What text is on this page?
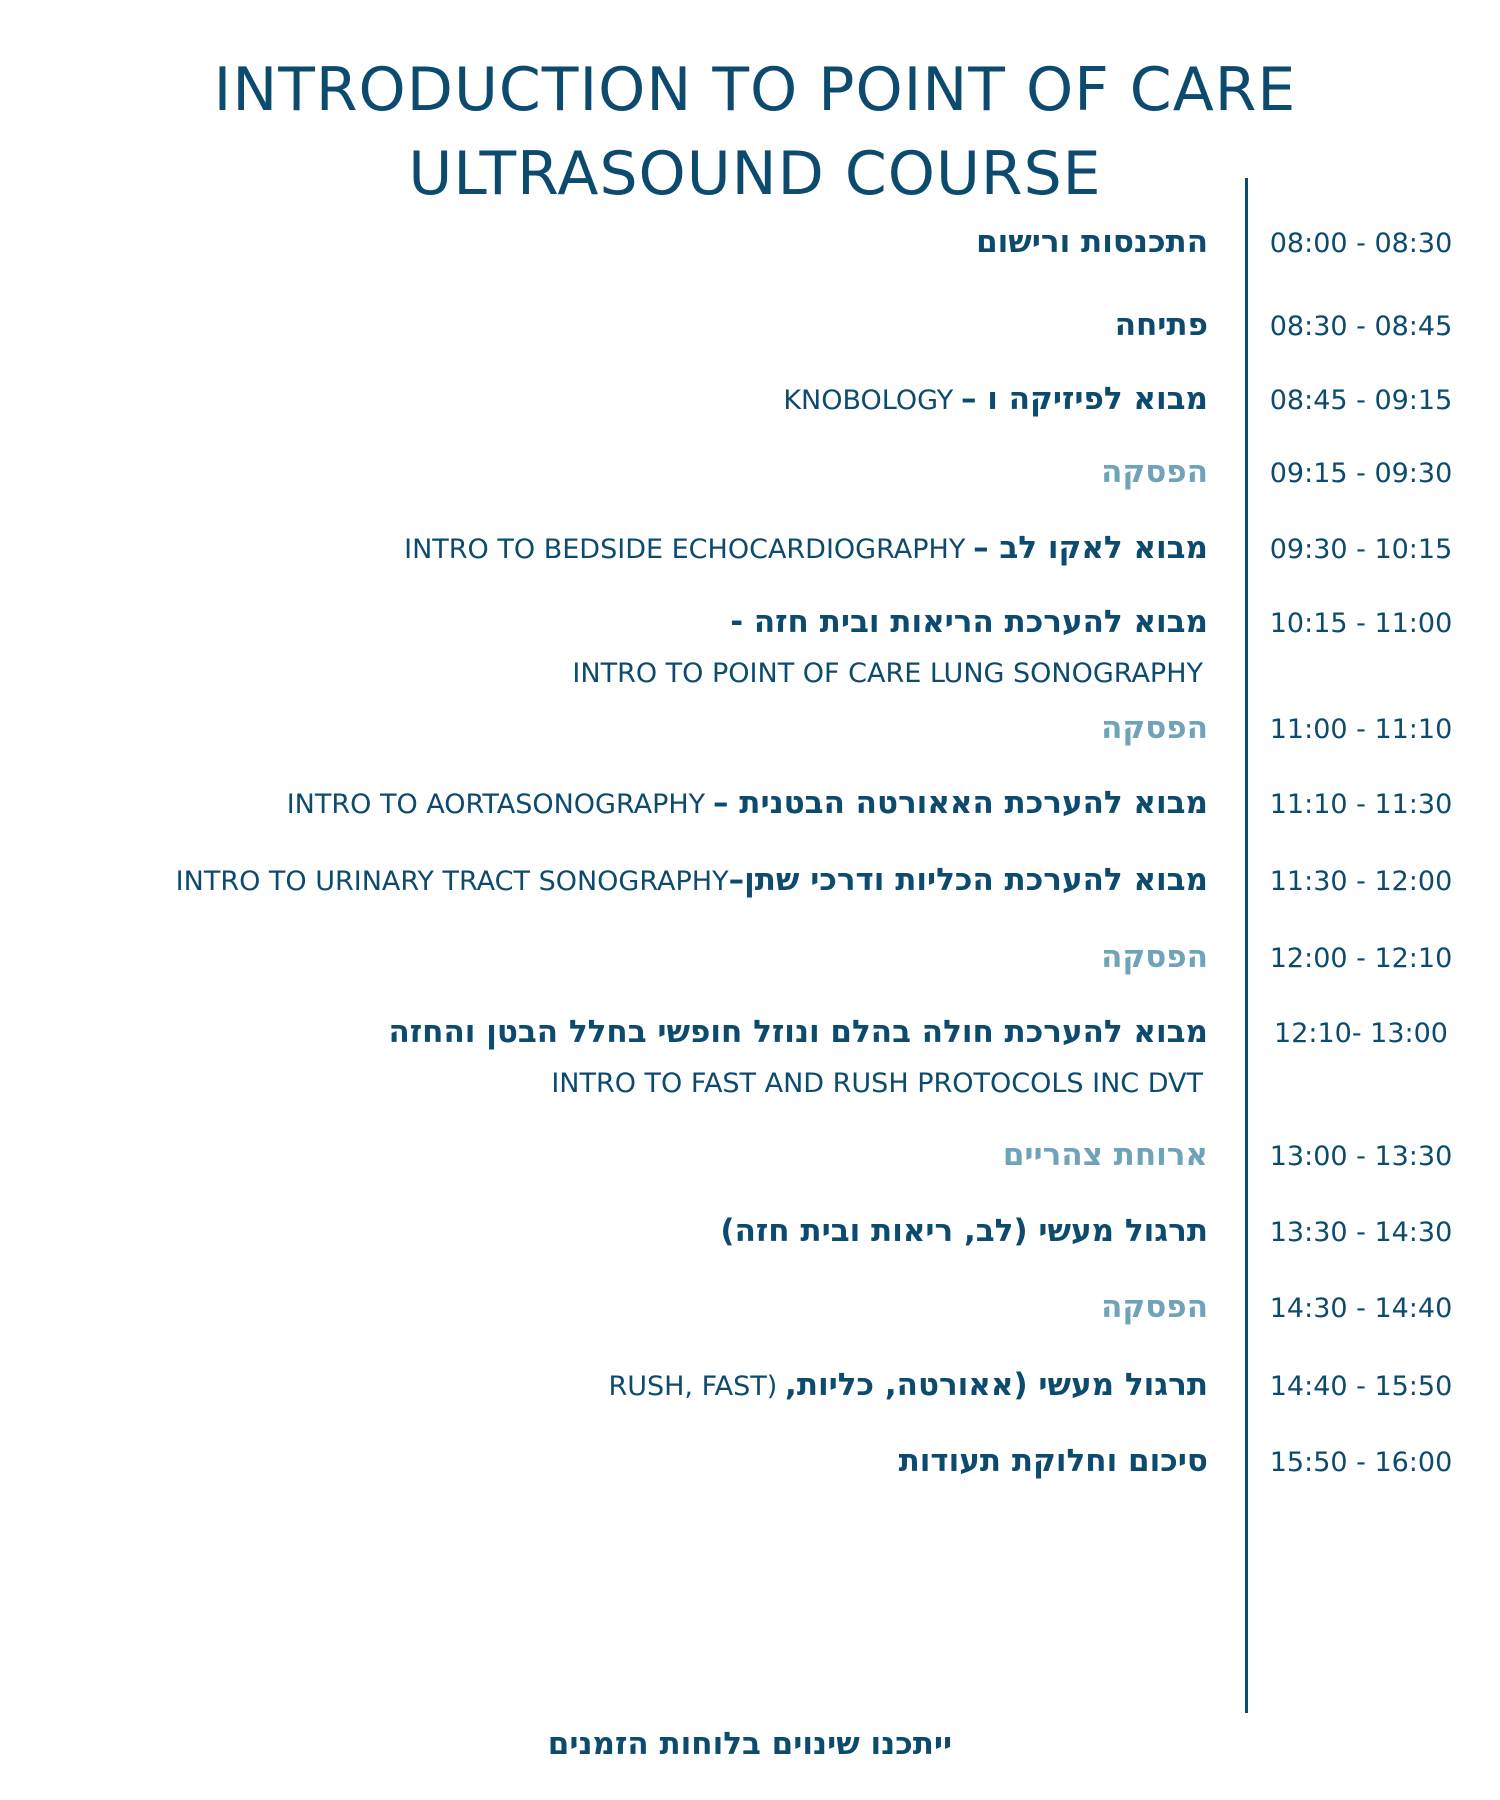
INTRODUCTION TO POINT OF CARE
ULTRASOUND COURSE
התכנסות ורישום	08:00 - 08:30
פתיחה	08:30 - 08:45
KNOBOLOGY מבוא לפיזיקה ו –	08:45 - 09:15
הפסקה	09:15 - 09:30
INTRO TO BEDSIDE ECHOCARDIOGRAPHY מבוא לאקו לב –	09:30 - 10:15
מבוא להערכת הריאות ובית חזה -
INTRO TO POINT OF CARE LUNG SONOGRAPHY
10:15 - 11:00
הפסקה	11:00 - 11:10
INTRO TO AORTASONOGRAPHY מבוא להערכת האאורטה הבטנית –	11:10 - 11:30
INTRO TO URINARY TRACT SONOGRAPHYמבוא להערכת הכליות ודרכי שתן–	11:30 - 12:00
הפסקה	12:00 - 12:10
מבוא להערכת חולה בהלם ונוזל חופשי בחלל הבטן והחזה
INTRO TO FAST AND RUSH PROTOCOLS INC DVT
12:10- 13:00
ארוחת צהריים	13:00 - 13:30
תרגול מעשי (לב, ריאות ובית חזה)	13:30 - 14:30
הפסקה	14:30 - 14:40
RUSH, FAST) תרגול מעשי (אאורטה, כליות,	14:40 - 15:50
סיכום וחלוקת תעודות	15:50 - 16:00
ייתכנו שינוים בלוחות הזמנים
